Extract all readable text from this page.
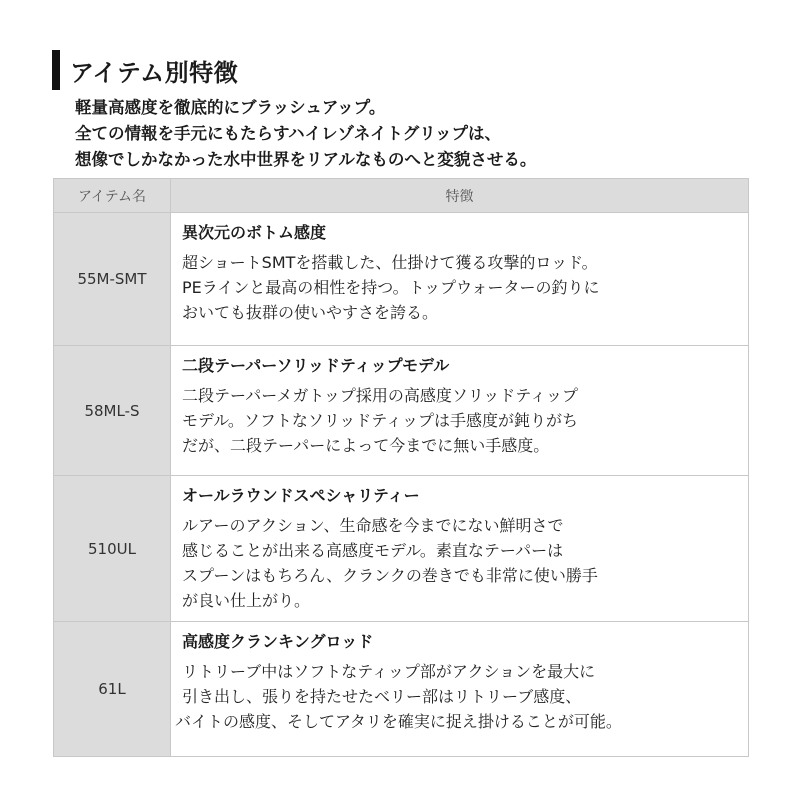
アイテム別特徴
軽量高感度を徹底的にブラッシュアップ。
全ての情報を手元にもたらすハイレゾネイトグリップは、
想像でしかなかった水中世界をリアルなものへと変貌させる。
アイテム名	特徴
55M-SMT	異次元のボトム感度
超ショートSMTを搭載した、仕掛けて獲る攻撃的ロッド。
PEラインと最高の相性を持つ。トップウォーターの釣りに
おいても抜群の使いやすさを誇る。

58ML-S	二段テーパーソリッドティップモデル
二段テーパーメガトップ採用の高感度ソリッドティップ
モデル。ソフトなソリッドティップは手感度が鈍りがち
だが、二段テーパーによって今までに無い手感度。

510UL	オールラウンドスペシャリティー
ルアーのアクション、生命感を今までにない鮮明さで
感じることが出来る高感度モデル。素直なテーパーは
スプーンはもちろん、クランクの巻きでも非常に使い勝手
が良い仕上がり。

61L	高感度クランキングロッド
リトリーブ中はソフトなティップ部がアクションを最大に
引き出し、張りを持たせたベリー部はリトリーブ感度、
バイトの感度、そしてアタリを確実に捉え掛けることが可能。
